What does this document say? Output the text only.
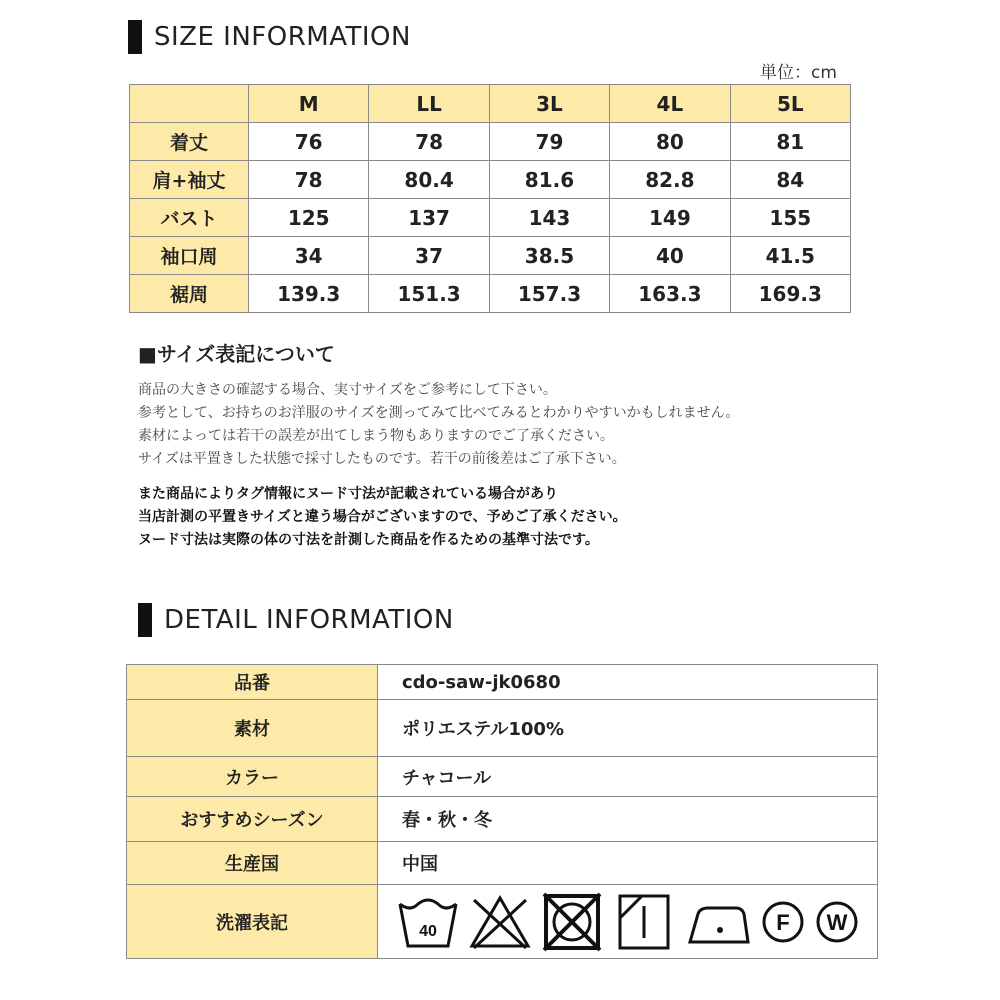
SIZE INFORMATION
単位：cm
	M	LL	3L	4L	5L
着丈	76	78	79	80	81
肩+袖丈	78	80.4	81.6	82.8	84
バスト	125	137	143	149	155
袖口周	34	37	38.5	40	41.5
裾周	139.3	151.3	157.3	163.3	169.3
■サイズ表記について
商品の大きさの確認する場合、実寸サイズをご参考にして下さい。
参考として、お持ちのお洋服のサイズを測ってみて比べてみるとわかりやすいかもしれません。
素材によっては若干の誤差が出てしまう物もありますのでご了承ください。
サイズは平置きした状態で採寸したものです。若干の前後差はご了承下さい。
また商品によりタグ情報にヌード寸法が記載されている場合があり
当店計測の平置きサイズと違う場合がございますので、予めご了承ください。
ヌード寸法は実際の体の寸法を計測した商品を作るための基準寸法です。
DETAIL INFORMATION
品番	cdo-saw-jk0680
素材	ポリエステル100%
カラー	チャコール
おすすめシーズン	春・秋・冬
生産国	中国
洗濯表記	40 F W
